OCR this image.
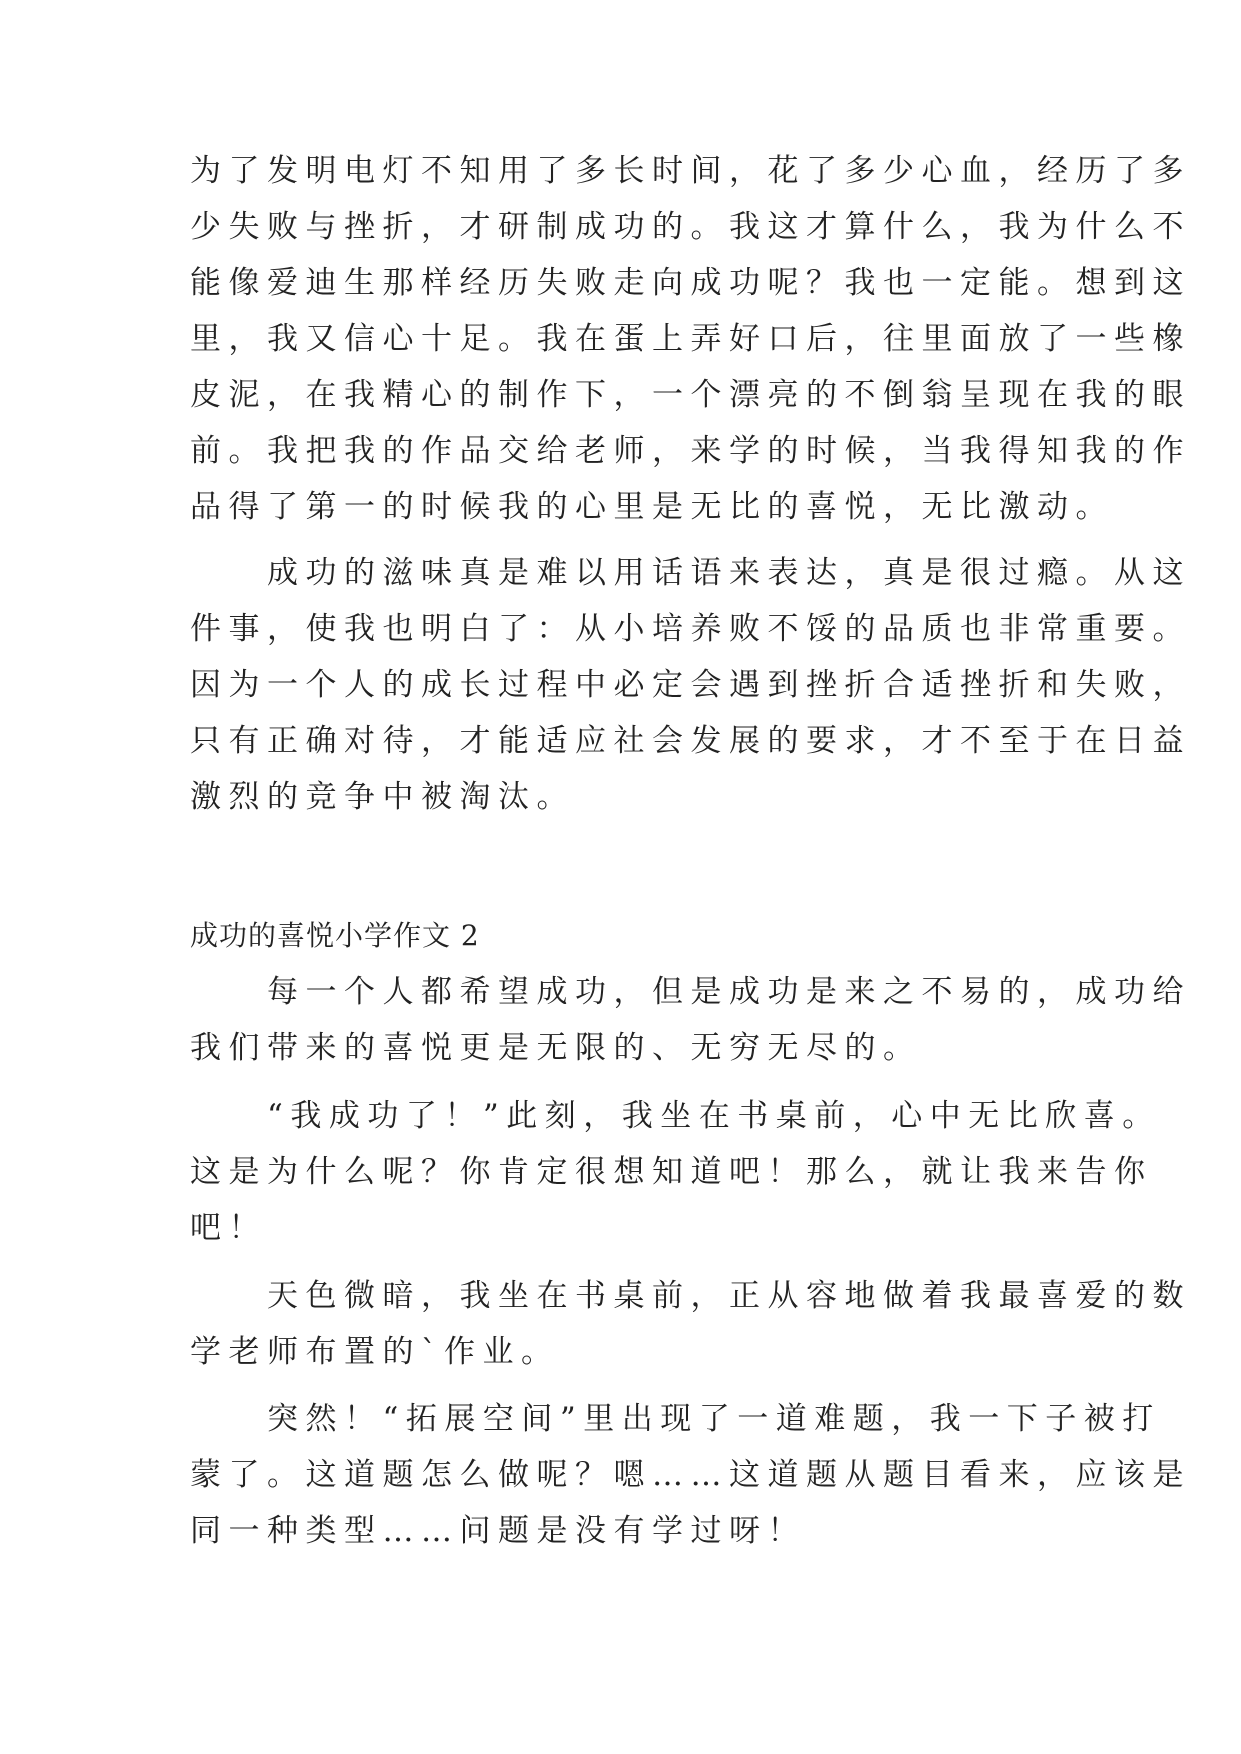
为了发明电灯不知用了多长时间，花了多少心血，经历了多

少失败与挫折，才研制成功的。我这才算什么，我为什么不

能像爱迪生那样经历失败走向成功呢？我也一定能。想到这

里，我又信心十足。我在蛋上弄好口后，往里面放了一些橡

皮泥，在我精心的制作下，一个漂亮的不倒翁呈现在我的眼

前。我把我的作品交给老师，来学的时候，当我得知我的作

品得了第一的时候我的心里是无比的喜悦，无比激动。

　　成功的滋味真是难以用话语来表达，真是很过瘾。从这

件事，使我也明白了：从小培养败不馁的品质也非常重要。

因为一个人的成长过程中必定会遇到挫折合适挫折和失败，

只有正确对待，才能适应社会发展的要求，才不至于在日益

激烈的竞争中被淘汰。

成功的喜悦小学作文 2

　　每一个人都希望成功，但是成功是来之不易的，成功给

我们带来的喜悦更是无限的、无穷无尽的。

　　“我成功了！”此刻，我坐在书桌前，心中无比欣喜。

这是为什么呢？你肯定很想知道吧！那么，就让我来告你

吧！

　　天色微暗，我坐在书桌前，正从容地做着我最喜爱的数

学老师布置的`作业。

　　突然！“拓展空间”里出现了一道难题，我一下子被打

蒙了。这道题怎么做呢？嗯……这道题从题目看来，应该是

同一种类型……问题是没有学过呀！
